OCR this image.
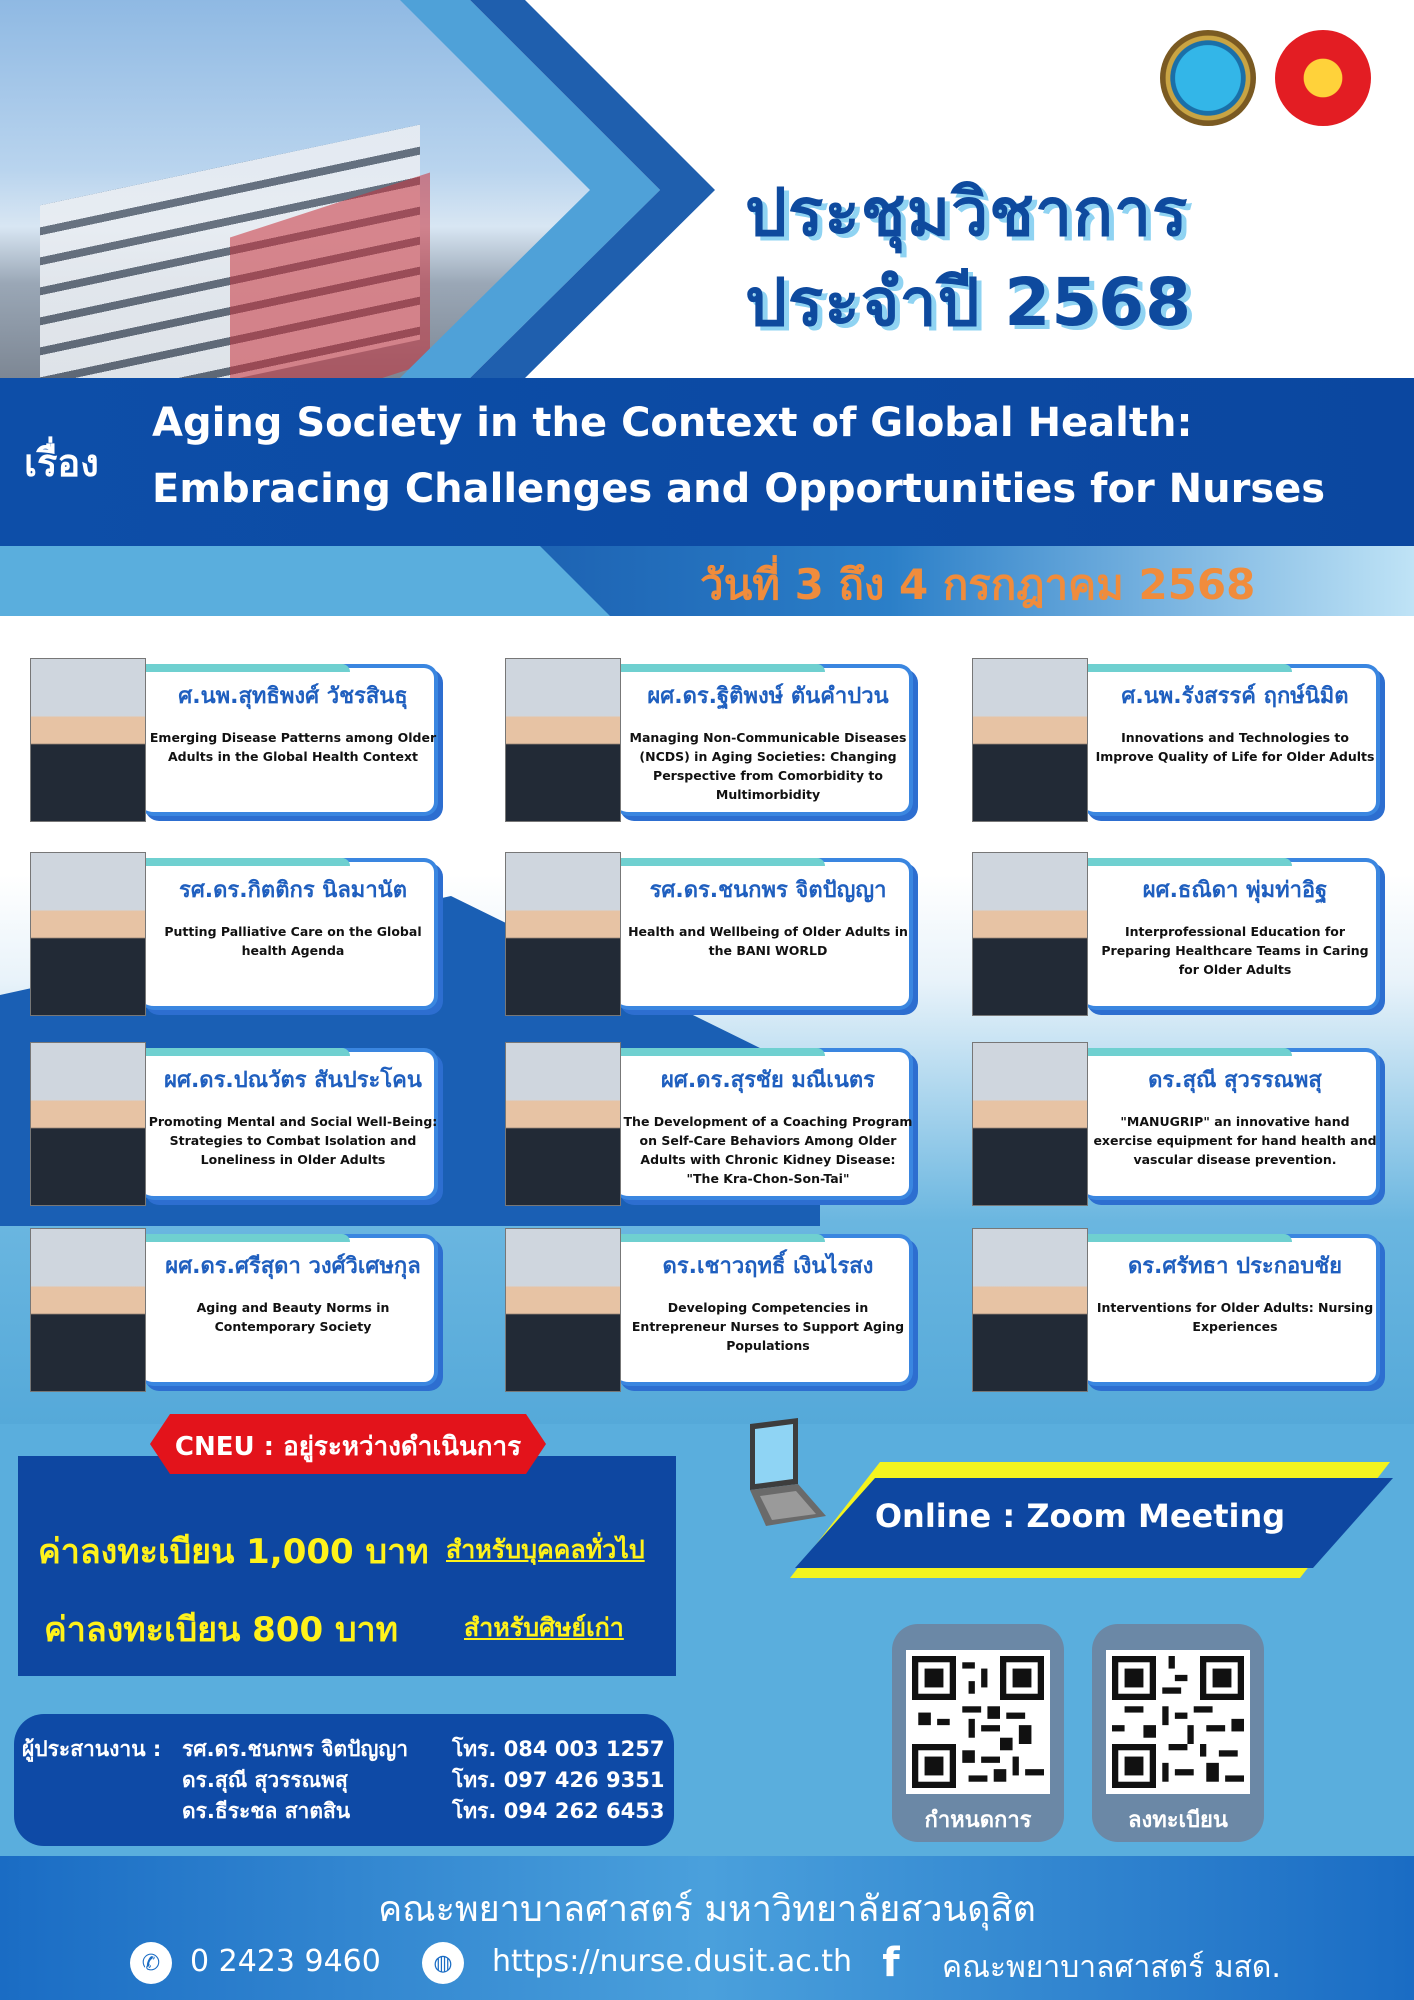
ประชุมวิชาการ
ประจำปี 2568
เรื่อง
Aging Society in the Context of Global Health:
Embracing Challenges and Opportunities for Nurses
วันที่ 3 ถึง 4 กรกฎาคม 2568
ศ.นพ.สุทธิพงศ์ วัชรสินธุ
Emerging Disease Patterns among Older Adults in the Global Health Context
ผศ.ดร.ฐิติพงษ์ ตันคำปวน
Managing Non-Communicable Diseases (NCDS) in Aging Societies: Changing Perspective from Comorbidity to Multimorbidity
ศ.นพ.รังสรรค์ ฤกษ์นิมิต
Innovations and Technologies to Improve Quality of Life for Older Adults
รศ.ดร.กิตติกร นิลมานัต
Putting Palliative Care on the Global health Agenda
รศ.ดร.ชนกพร จิตปัญญา
Health and Wellbeing of Older Adults in the BANI WORLD
ผศ.ธณิดา พุ่มท่าอิฐ
Interprofessional Education for Preparing Healthcare Teams in Caring for Older Adults
ผศ.ดร.ปณวัตร สันประโคน
Promoting Mental and Social Well-Being: Strategies to Combat Isolation and Loneliness in Older Adults
ผศ.ดร.สุรชัย มณีเนตร
The Development of a Coaching Program on Self-Care Behaviors Among Older Adults with Chronic Kidney Disease: "The Kra-Chon-Son-Tai"
ดร.สุณี สุวรรณพสุ
"MANUGRIP" an innovative hand exercise equipment for hand health and vascular disease prevention.
ผศ.ดร.ศรีสุดา วงศ์วิเศษกุล
Aging and Beauty Norms in Contemporary Society
ดร.เชาวฤทธิ์ เงินไรสง
Developing Competencies in Entrepreneur Nurses to Support Aging Populations
ดร.ศรัทธา ประกอบชัย
Interventions for Older Adults: Nursing Experiences
CNEU : อยู่ระหว่างดำเนินการ
ค่าลงทะเบียน 1,000 บาท สำหรับบุคคลทั่วไป
ค่าลงทะเบียน 800 บาท	สำหรับศิษย์เก่า
ผู้ประสานงาน : รศ.ดร.ชนกพร จิตปัญญา โทร. 084 003 1257
ดร.สุณี สุวรรณพสุ	โทร. 097 426 9351
ดร.ธีระชล สาตสิน	โทร. 094 262 6453
Online : Zoom Meeting
กำหนดการ	ลงทะเบียน
คณะพยาบาลศาสตร์ มหาวิทยาลัยสวนดุสิต
✆ 0 2423 9460	◍	https://nurse.dusit.ac.th f	คณะพยาบาลศาสตร์ มสด.
